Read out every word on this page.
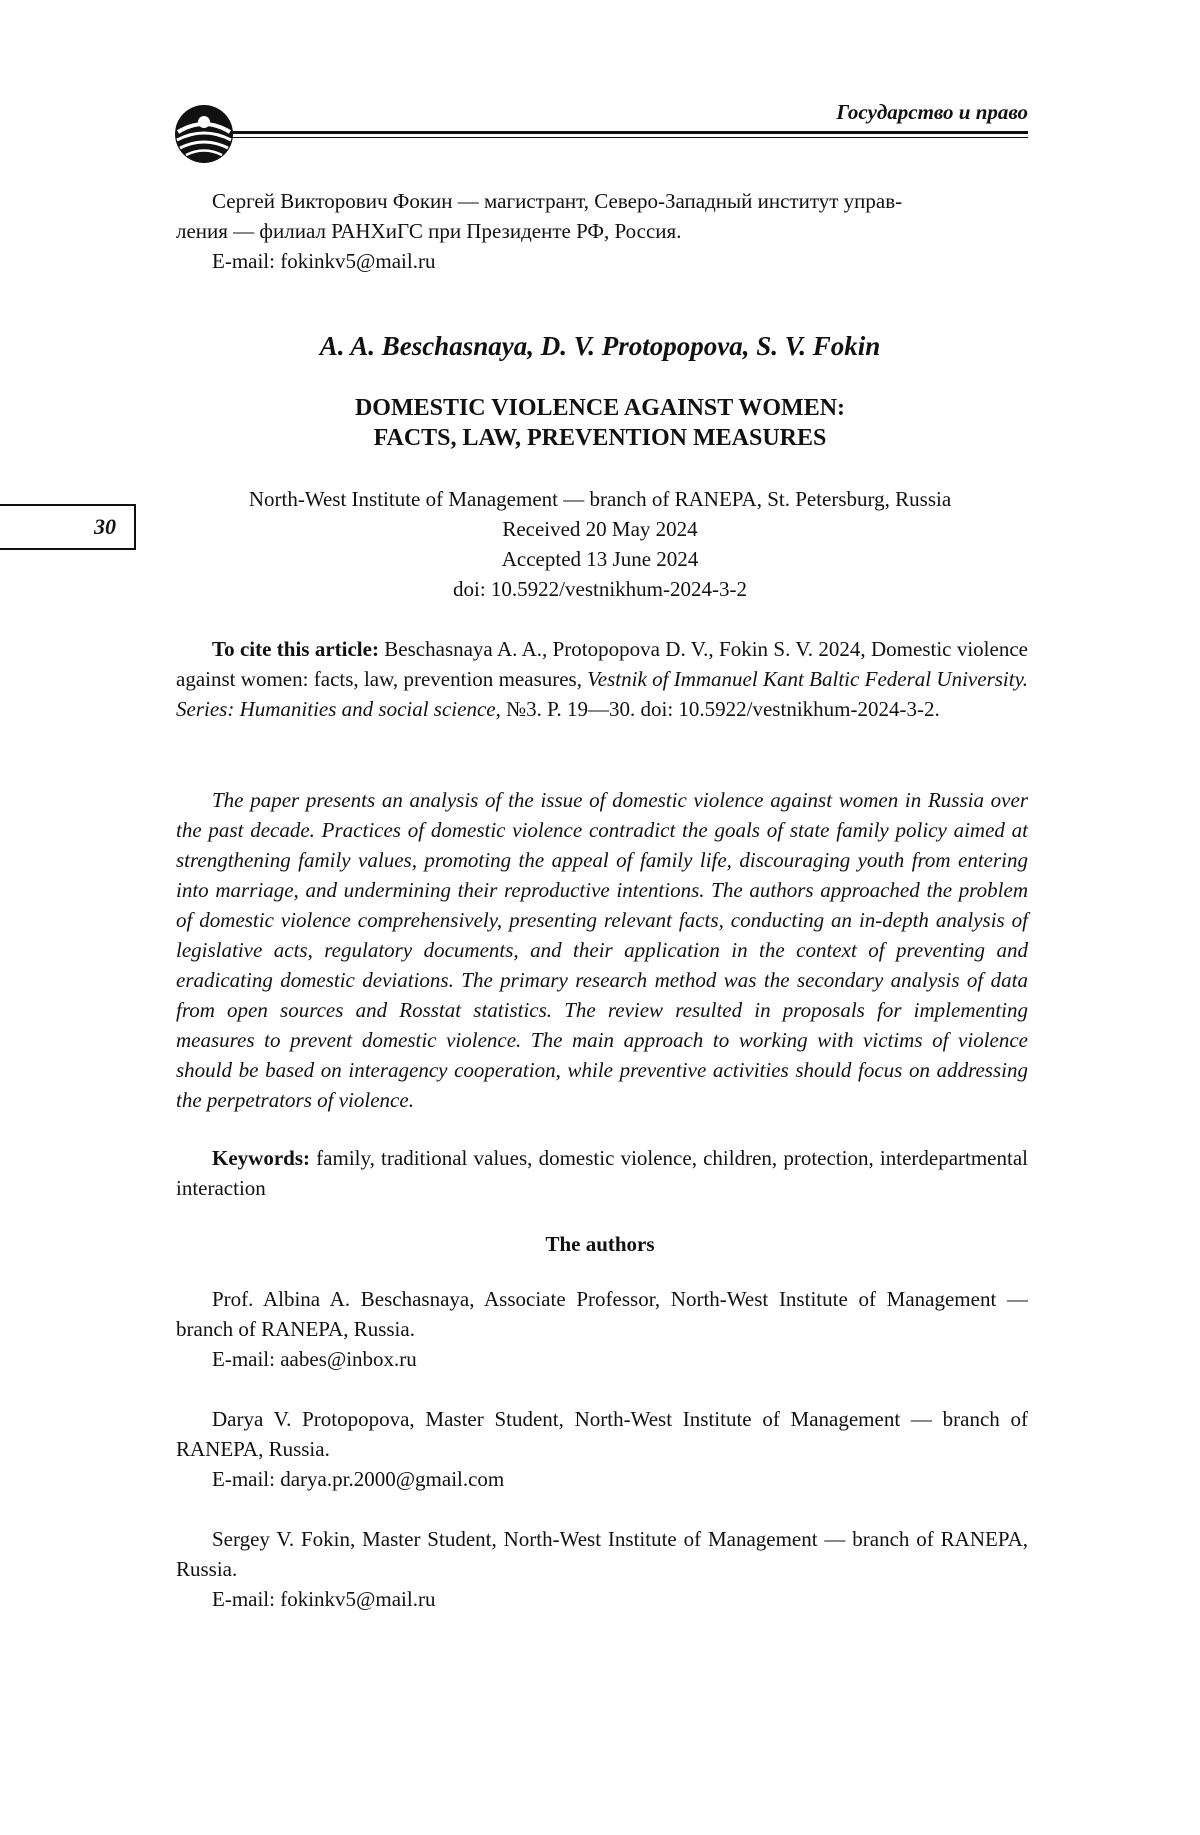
Государство и право

Сергей Викторович Фокин — магистрант, Северо-Западный институт управ-
ления — филиал РАНХиГС при Президенте РФ, Россия.

E-mail: fokinkv5@mail.ru

A. A. Beschasnaya, D. V. Protopopova, S. V. Fokin
DOMESTIC VIOLENCE AGAINST WOMEN:
FACTS, LAW, PREVENTION MEASURES
North-West Institute of Management — branch of RANEPA, St. Petersburg, Russia
Received 20 May 2024
Accepted 13 June 2024
doi: 10.5922/vestnikhum-2024-3-2
30

To cite this article: Beschasnaya A. A., Protopopova D. V., Fokin S. V. 2024, Domestic violence against women: facts, law, prevention measures, Vestnik of Immanuel Kant Baltic Federal University. Series: Humanities and social science, №3. P. 19—30. doi: 10.5922/vestnikhum-2024-3-2.

The paper presents an analysis of the issue of domestic violence against women in Russia over the past decade. Practices of domestic violence contradict the goals of state family policy aimed at strengthening family values, promoting the appeal of family life, discouraging youth from entering into marriage, and undermining their reproductive intentions. The authors approached the problem of domestic violence comprehensively, presenting relevant facts, conducting an in-depth analysis of legislative acts, regulatory documents, and their application in the context of preventing and eradicating domestic deviations. The primary research method was the secondary analysis of data from open sources and Rosstat statistics. The review resulted in proposals for implementing measures to prevent domestic violence. The main approach to working with victims of violence should be based on interagency cooperation, while preventive activities should focus on addressing the perpetrators of violence.

Keywords: family, traditional values, domestic violence, children, protection, interdepartmental interaction

The authors

Prof. Albina A. Beschasnaya, Associate Professor, North-West Institute of Management — branch of RANEPA, Russia.

E-mail: aabes@inbox.ru

Darya V. Protopopova, Master Student, North-West Institute of Management — branch of RANEPA, Russia.

E-mail: darya.pr.2000@gmail.com

Sergey V. Fokin, Master Student, North-West Institute of Management — branch of RANEPA, Russia.

E-mail: fokinkv5@mail.ru
